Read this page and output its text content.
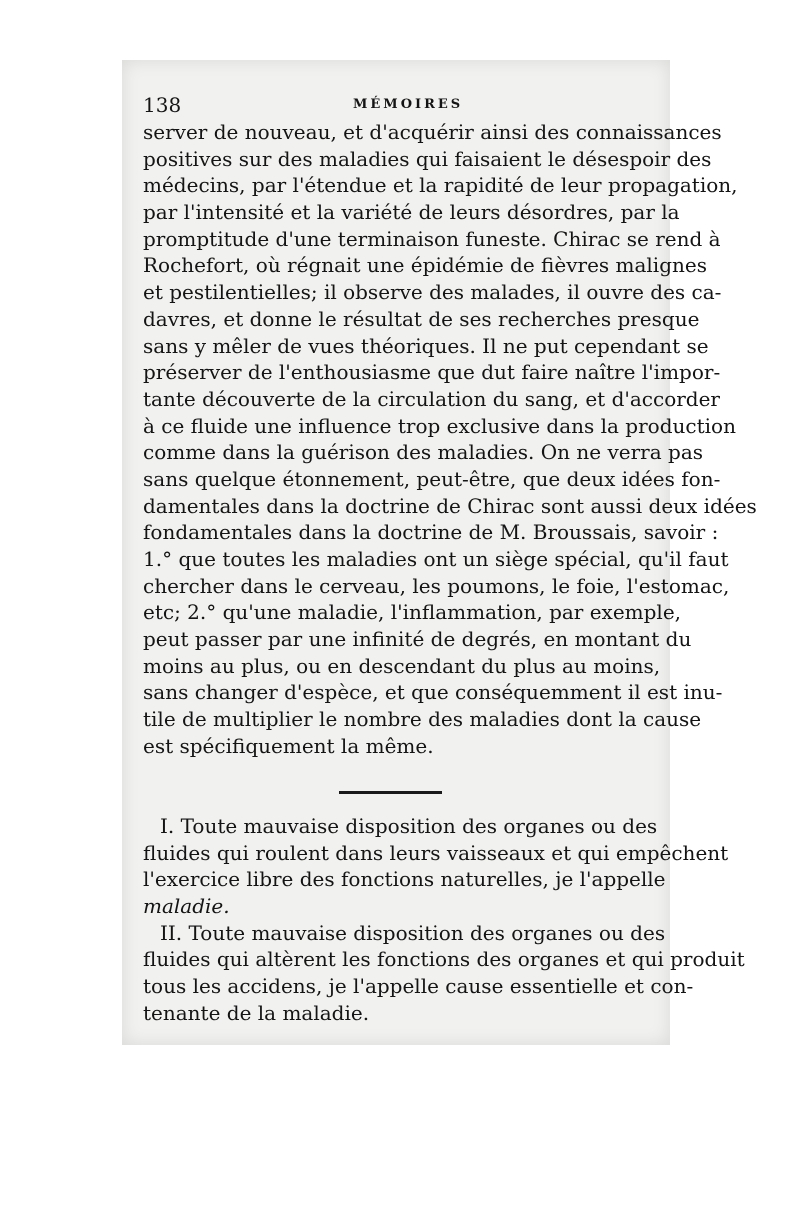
138	MÉMOIRES
server de nouveau, et d'acquérir ainsi des connaissances
positives sur des maladies qui faisaient le désespoir des
médecins, par l'étendue et la rapidité de leur propagation,
par l'intensité et la variété de leurs désordres, par la
promptitude d'une terminaison funeste. Chirac se rend à
Rochefort, où régnait une épidémie de fièvres malignes
et pestilentielles; il observe des malades, il ouvre des ca-
davres, et donne le résultat de ses recherches presque
sans y mêler de vues théoriques. Il ne put cependant se
préserver de l'enthousiasme que dut faire naître l'impor-
tante découverte de la circulation du sang, et d'accorder
à ce fluide une influence trop exclusive dans la production
comme dans la guérison des maladies. On ne verra pas
sans quelque étonnement, peut-être, que deux idées fon-
damentales dans la doctrine de Chirac sont aussi deux idées
fondamentales dans la doctrine de M. Broussais, savoir :
1.° que toutes les maladies ont un siège spécial, qu'il faut
chercher dans le cerveau, les poumons, le foie, l'estomac,
etc; 2.° qu'une maladie, l'inflammation, par exemple,
peut passer par une infinité de degrés, en montant du
moins au plus, ou en descendant du plus au moins,
sans changer d'espèce, et que conséquemment il est inu-
tile de multiplier le nombre des maladies dont la cause
est spécifiquement la même.
I. Toute mauvaise disposition des organes ou des
fluides qui roulent dans leurs vaisseaux et qui empêchent
l'exercice libre des fonctions naturelles, je l'appelle
maladie.
II. Toute mauvaise disposition des organes ou des
fluides qui altèrent les fonctions des organes et qui produit
tous les accidens, je l'appelle cause essentielle et con-
tenante de la maladie.
